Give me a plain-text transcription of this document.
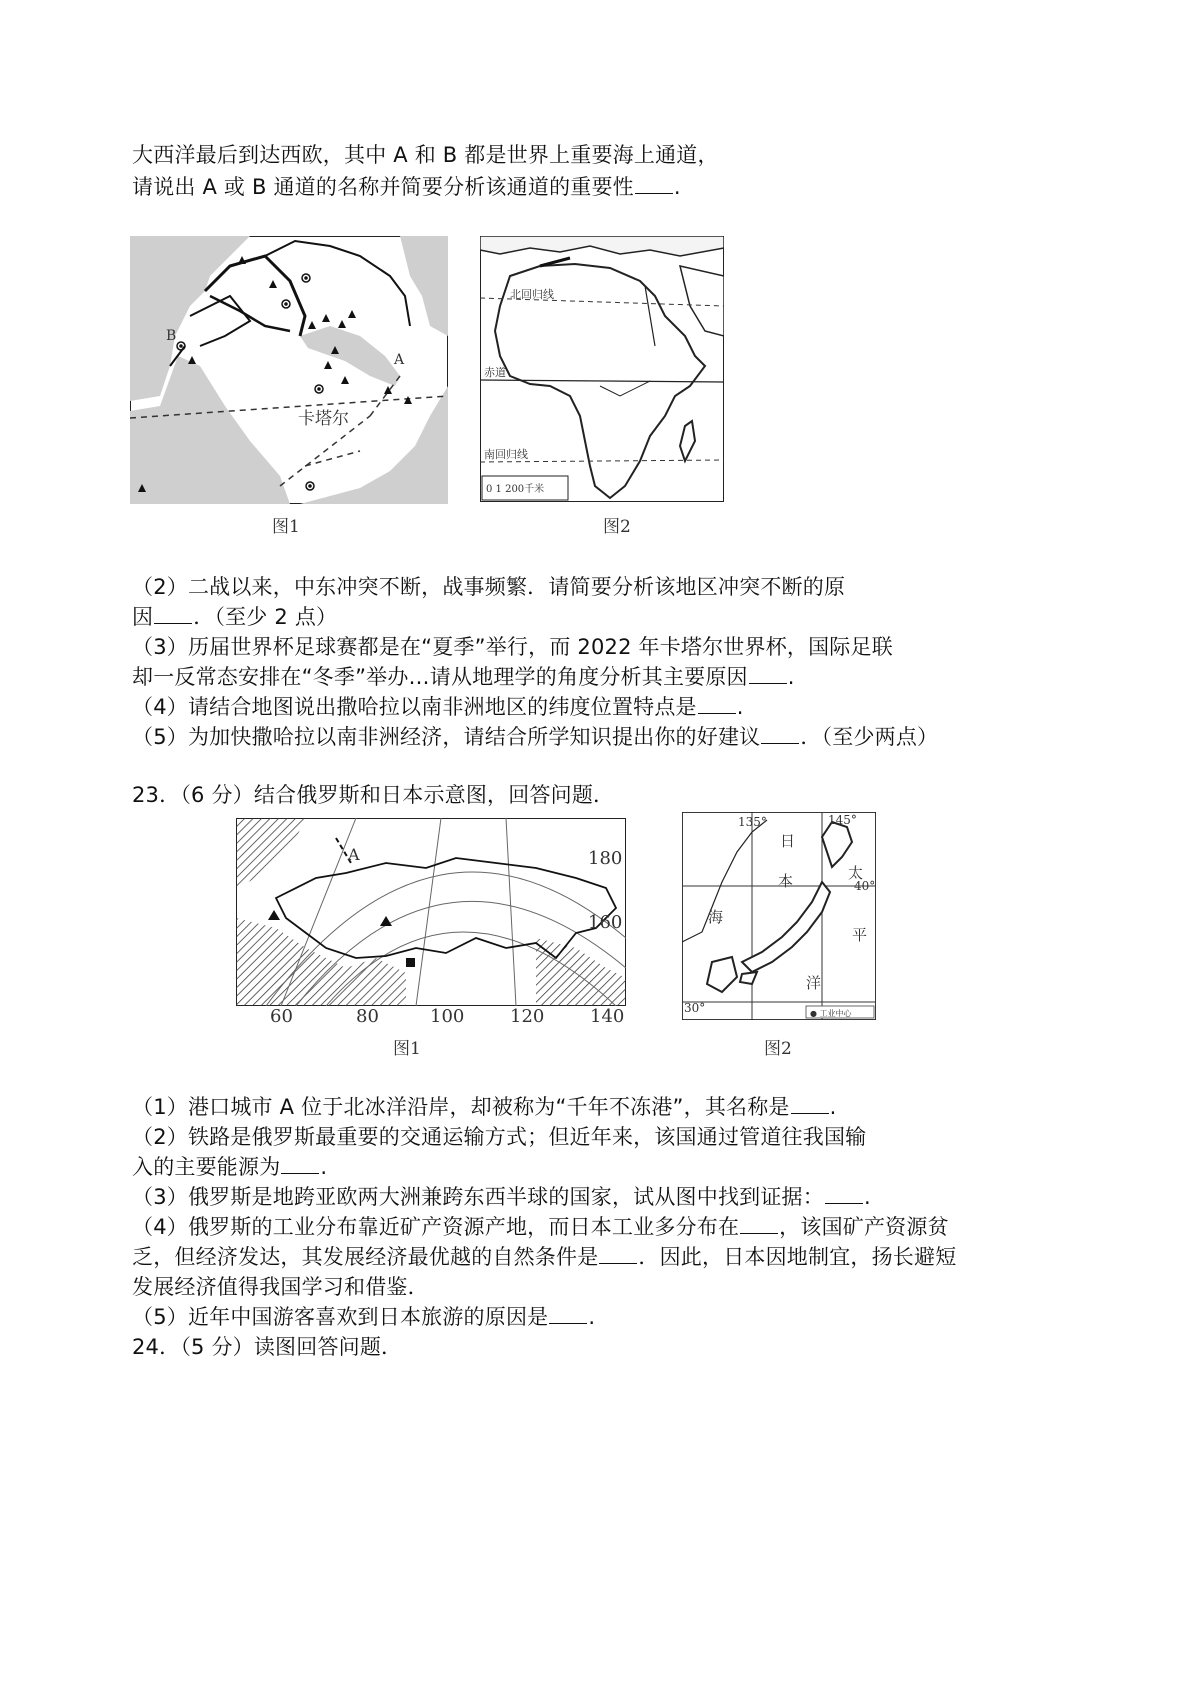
大西洋最后到达西欧，其中 A 和 B 都是世界上重要海上通道，
请说出 A 或 B 通道的名称并简要分析该通道的重要性 .
B
A
卡塔尔
图1
北回归线
赤道
南回归线
0 1 200千米
图2
（2）二战以来，中东冲突不断，战事频繁．请简要分析该地区冲突不断的原
因 ．（至少 2 点）
（3）历届世界杯足球赛都是在“夏季”举行，而 2022 年卡塔尔世界杯，国际足联
却一反常态安排在“冬季”举办…请从地理学的角度分析其主要原因 .
（4）请结合地图说出撒哈拉以南非洲地区的纬度位置特点是 .
（5）为加快撒哈拉以南非洲经济，请结合所学知识提出你的好建议 ．（至少两点）
23．（6 分）结合俄罗斯和日本示意图，回答问题．
A	180
160
60	80	100	120	140
图1
135°	145°
40°
30°
日
本
海
太
平
洋
● 工业中心
图2
（1）港口城市 A 位于北冰洋沿岸，却被称为“千年不冻港”，其名称是 .
（2）铁路是俄罗斯最重要的交通运输方式；但近年来，该国通过管道往我国输
入的主要能源为 .
（3）俄罗斯是地跨亚欧两大洲兼跨东西半球的国家，试从图中找到证据： .
（4）俄罗斯的工业分布靠近矿产资源产地，而日本工业多分布在 ，该国矿产资源贫
乏，但经济发达，其发展经济最优越的自然条件是 ．因此，日本因地制宜，扬长避短
发展经济值得我国学习和借鉴．
（5）近年中国游客喜欢到日本旅游的原因是 .
24．（5 分）读图回答问题．
